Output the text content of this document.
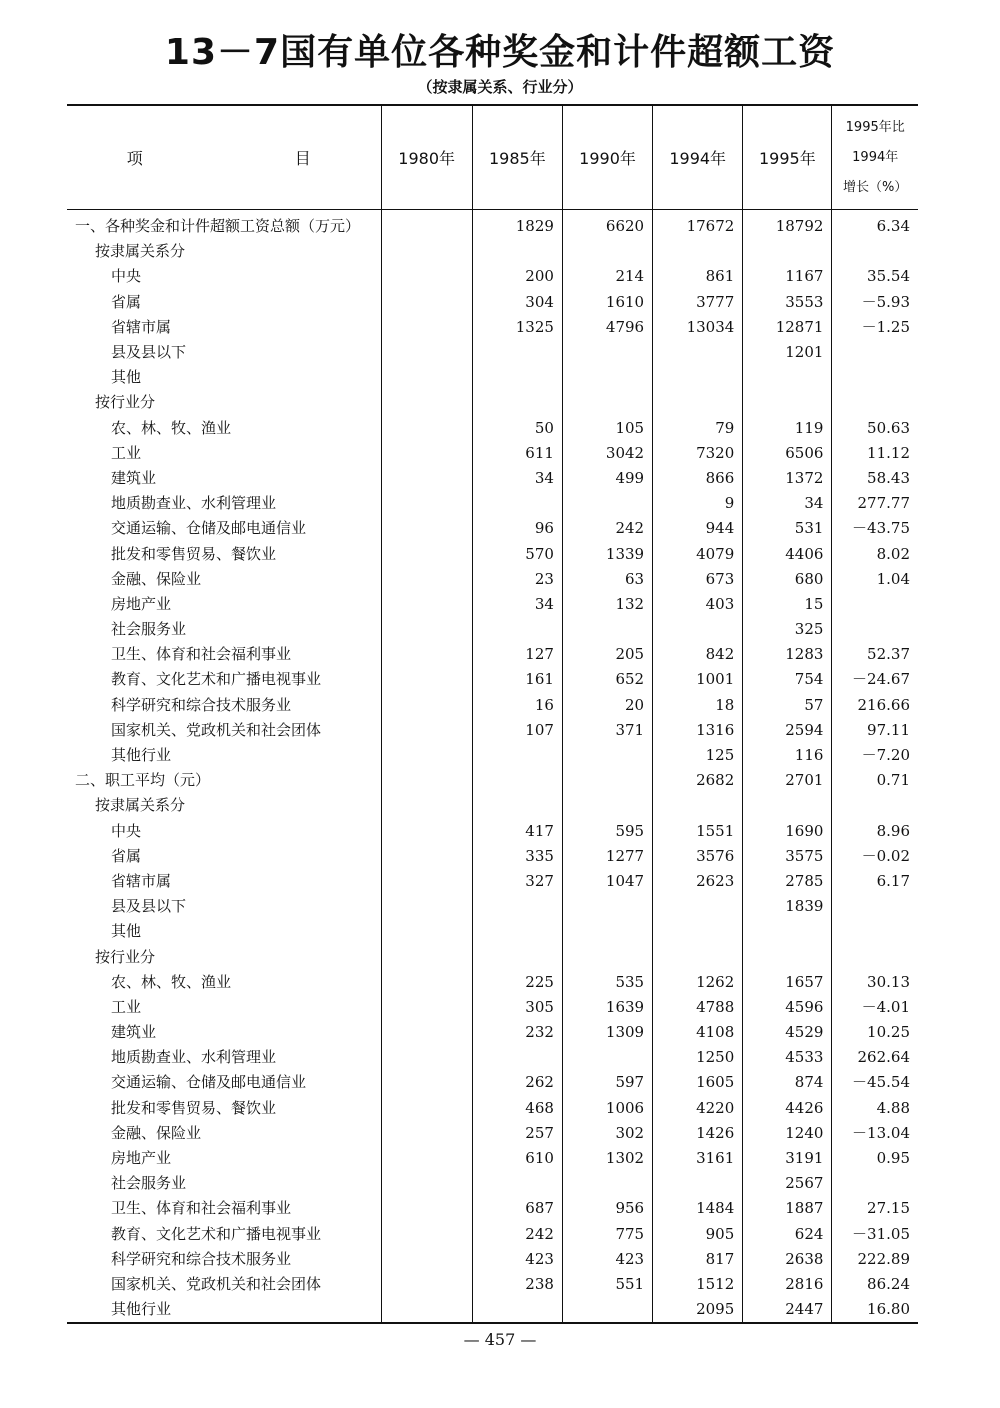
13－7国有单位各种奖金和计件超额工资
（按隶属关系、行业分）
项　　目	1980年	1985年	1990年	1994年	1995年	1995年比
1994年
增长（%）
一、各种奖金和计件超额工资总额（万元）		1829	6620	17672	18792	6.34
按隶属关系分						
中央		200	214	861	1167	35.54
省属		304	1610	3777	3553	－5.93
省辖市属		1325	4796	13034	12871	－1.25
县及县以下					1201	
其他						
按行业分						
农、林、牧、渔业		50	105	79	119	50.63
工业		611	3042	7320	6506	11.12
建筑业		34	499	866	1372	58.43
地质勘查业、水利管理业				9	34	277.77
交通运输、仓储及邮电通信业		96	242	944	531	－43.75
批发和零售贸易、餐饮业		570	1339	4079	4406	8.02
金融、保险业		23	63	673	680	1.04
房地产业		34	132	403	15	
社会服务业					325	
卫生、体育和社会福利事业		127	205	842	1283	52.37
教育、文化艺术和广播电视事业		161	652	1001	754	－24.67
科学研究和综合技术服务业		16	20	18	57	216.66
国家机关、党政机关和社会团体		107	371	1316	2594	97.11
其他行业				125	116	－7.20
二、职工平均（元）				2682	2701	0.71
按隶属关系分						
中央		417	595	1551	1690	8.96
省属		335	1277	3576	3575	－0.02
省辖市属		327	1047	2623	2785	6.17
县及县以下					1839	
其他						
按行业分						
农、林、牧、渔业		225	535	1262	1657	30.13
工业		305	1639	4788	4596	－4.01
建筑业		232	1309	4108	4529	10.25
地质勘查业、水利管理业				1250	4533	262.64
交通运输、仓储及邮电通信业		262	597	1605	874	－45.54
批发和零售贸易、餐饮业		468	1006	4220	4426	4.88
金融、保险业		257	302	1426	1240	－13.04
房地产业		610	1302	3161	3191	0.95
社会服务业					2567	
卫生、体育和社会福利事业		687	956	1484	1887	27.15
教育、文化艺术和广播电视事业		242	775	905	624	－31.05
科学研究和综合技术服务业		423	423	817	2638	222.89
国家机关、党政机关和社会团体		238	551	1512	2816	86.24
其他行业				2095	2447	16.80
— 457 —
